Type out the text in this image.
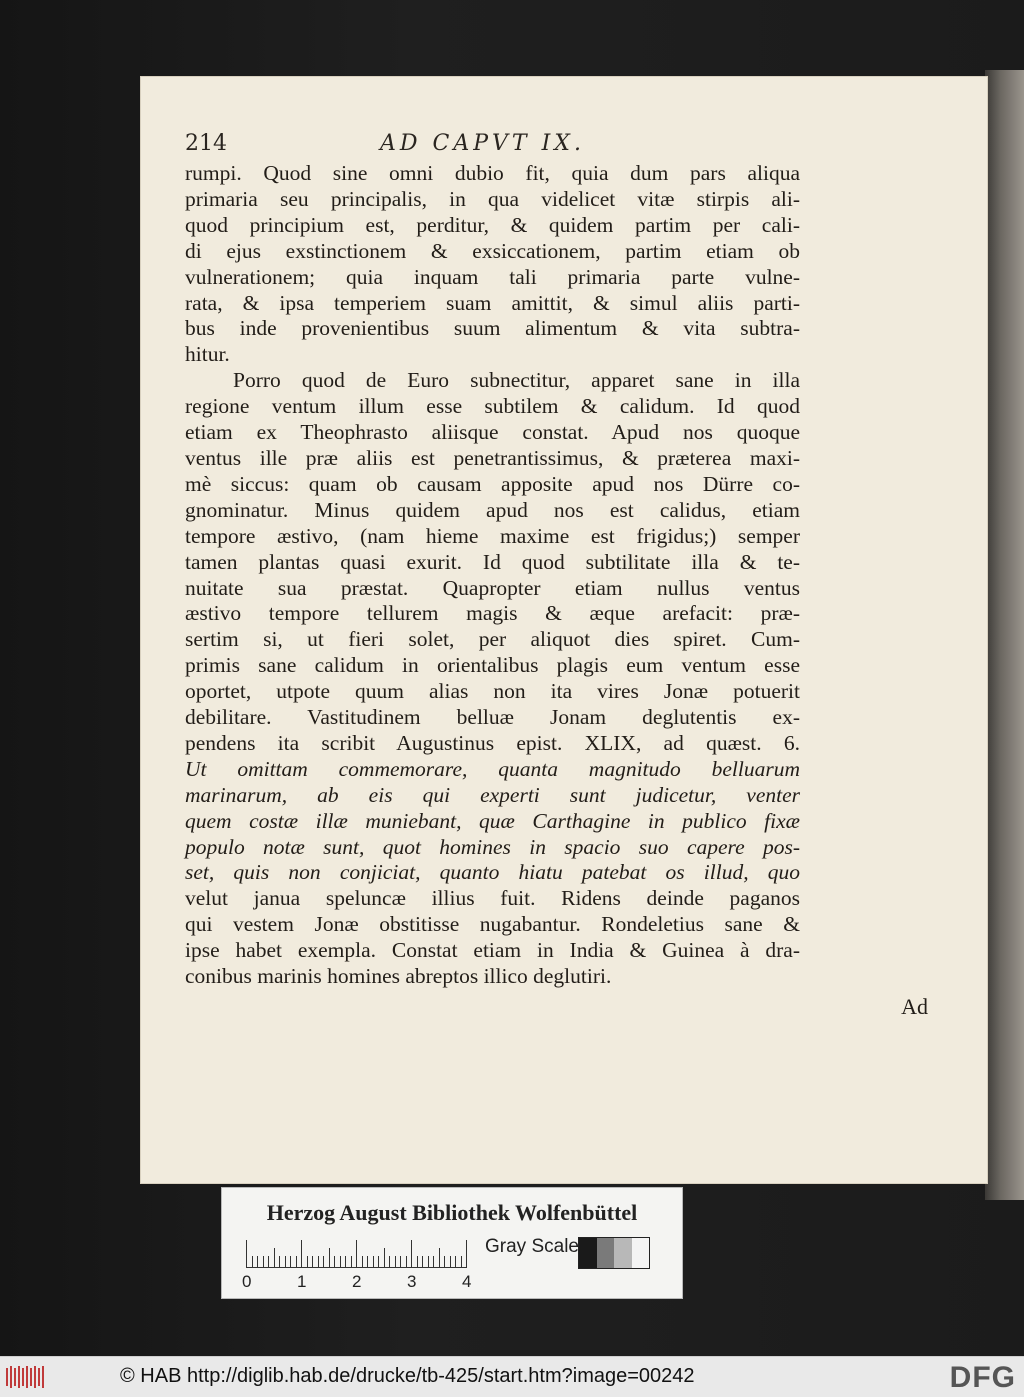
214	AD CAPVT IX.
rumpi. Quod sine omni dubio fit, quia dum pars aliqua
primaria seu principalis, in qua videlicet vitæ stirpis ali-
quod principium est, perditur, & quidem partim per cali-
di ejus exstinctionem & exsiccationem, partim etiam ob
vulnerationem; quia inquam tali primaria parte vulne-
rata, & ipsa temperiem suam amittit, & simul aliis parti-
bus inde provenientibus suum alimentum & vita subtra-
hitur.
Porro quod de Euro subnectitur, apparet sane in illa
regione ventum illum esse subtilem & calidum. Id quod
etiam ex Theophrasto aliisque constat. Apud nos quoque
ventus ille præ aliis est penetrantissimus, & præterea maxi-
mè siccus: quam ob causam apposite apud nos Dürre co-
gnominatur. Minus quidem apud nos est calidus, etiam
tempore æstivo, (nam hieme maxime est frigidus;) semper
tamen plantas quasi exurit. Id quod subtilitate illa & te-
nuitate sua præstat. Quapropter etiam nullus ventus
æstivo tempore tellurem magis & æque arefacit: præ-
sertim si, ut fieri solet, per aliquot dies spiret. Cum-
primis sane calidum in orientalibus plagis eum ventum esse
oportet, utpote quum alias non ita vires Jonæ potuerit
debilitare. Vastitudinem belluæ Jonam deglutentis ex-
pendens ita scribit Augustinus epist. XLIX, ad quæst. 6.
Ut omittam commemorare, quanta magnitudo belluarum
marinarum, ab eis qui experti sunt judicetur, venter
quem costæ illæ muniebant, quæ Carthagine in publico fixæ
populo notæ sunt, quot homines in spacio suo capere pos-
set, quis non conjiciat, quanto hiatu patebat os illud, quo
velut janua speluncæ illius fuit. Ridens deinde paganos
qui vestem Jonæ obstitisse nugabantur. Rondeletius sane &
ipse habet exempla. Constat etiam in India & Guinea à dra-
conibus marinis homines abreptos illico deglutiri.
Ad
Herzog August Bibliothek Wolfenbüttel
0	1	2	3	4
Gray Scale
© HAB http://diglib.hab.de/drucke/tb-425/start.htm?image=00242	DFG
